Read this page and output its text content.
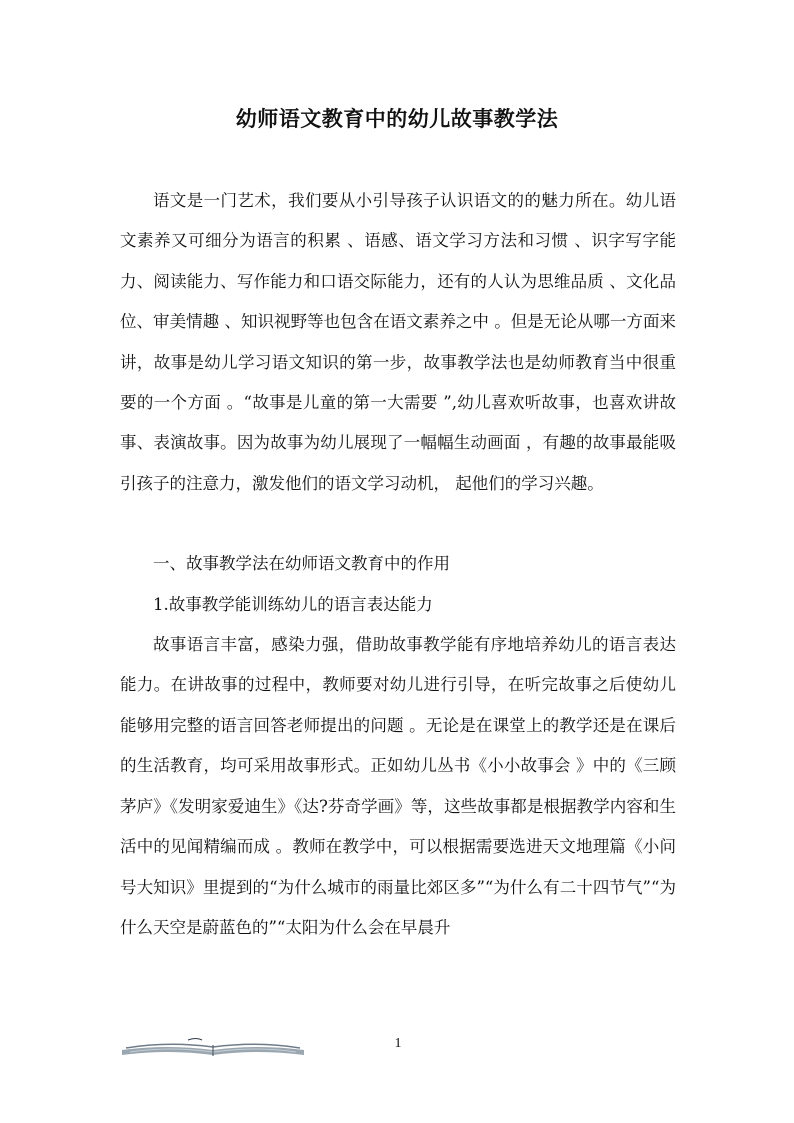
幼师语文教育中的幼儿故事教学法

语文是一门艺术，我们要从小引导孩子认识语文的的魅力所在。幼儿语文素养又可细分为语言的积累 、语感、语文学习方法和习惯 、识字写字能力、阅读能力、写作能力和口语交际能力，还有的人认为思维品质 、文化品位、审美情趣 、知识视野等也包含在语文素养之中 。但是无论从哪一方面来讲，故事是幼儿学习语文知识的第一步，故事教学法也是幼师教育当中很重要的一个方面 。“故事是儿童的第一大需要 ”,幼儿喜欢听故事，也喜欢讲故事、表演故事。因为故事为幼儿展现了一幅幅生动画面 ，有趣的故事最能吸引孩子的注意力，激发他们的语文学习动机， 起他们的学习兴趣。

一、故事教学法在幼师语文教育中的作用

1.故事教学能训练幼儿的语言表达能力

故事语言丰富，感染力强，借助故事教学能有序地培养幼儿的语言表达能力。在讲故事的过程中，教师要对幼儿进行引导，在听完故事之后使幼儿能够用完整的语言回答老师提出的问题 。无论是在课堂上的教学还是在课后的生活教育，均可采用故事形式。正如幼儿丛书《小小故事会 》中的《三顾茅庐》《发明家爱迪生》《达?芬奇学画》等，这些故事都是根据教学内容和生活中的见闻精编而成 。教师在教学中，可以根据需要选进天文地理篇《小问号大知识》里提到的“为什么城市的雨量比郊区多”“为什么有二十四节气”“为什么天空是蔚蓝色的”“太阳为什么会在早晨升

1
